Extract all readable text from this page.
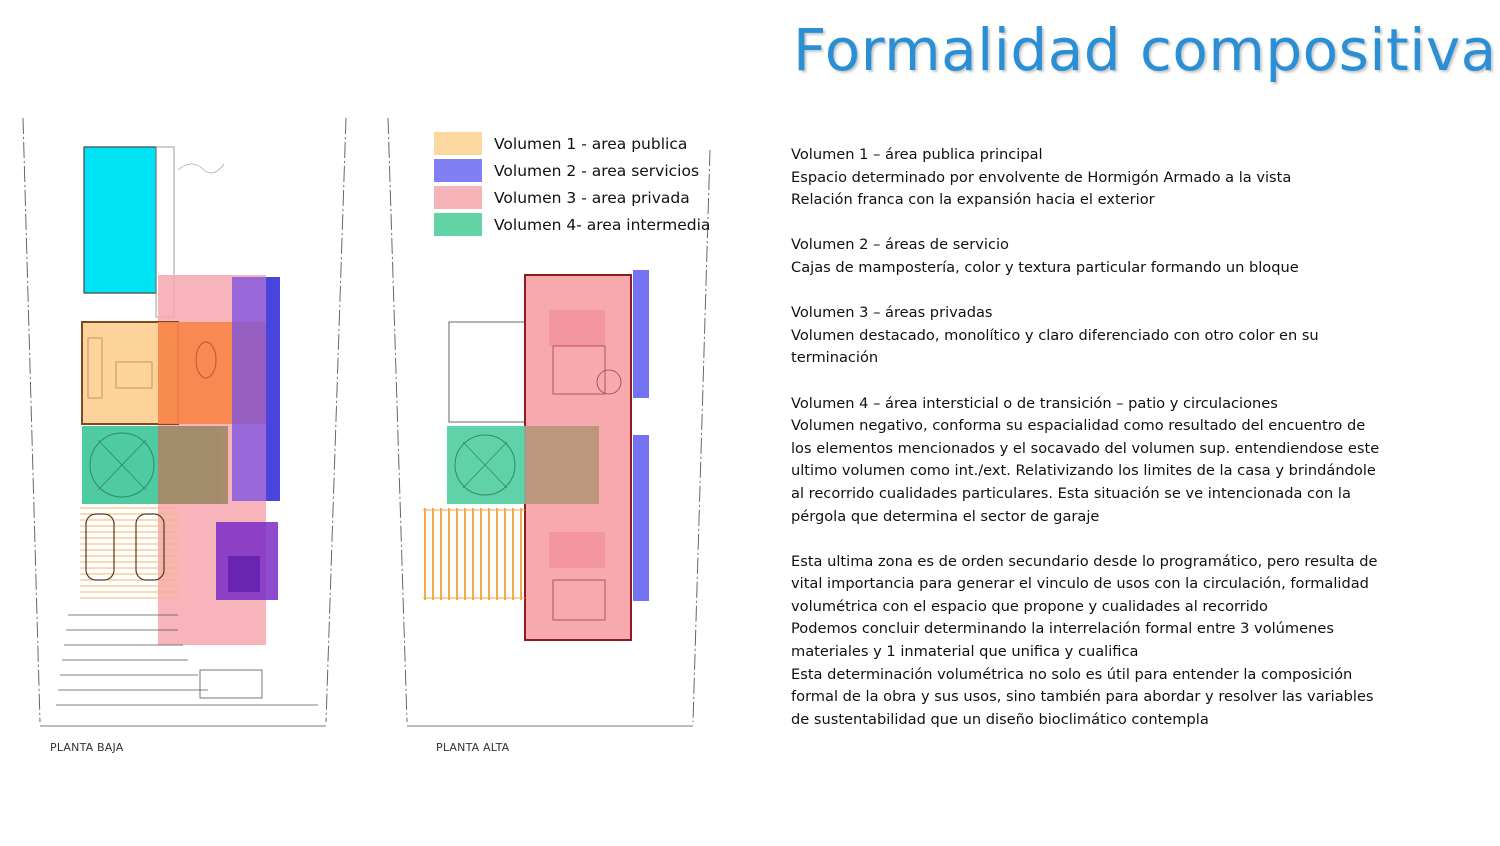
Formalidad compositiva
PLANTA BAJA	PLANTA ALTA
Volumen 1 - area publica
Volumen 2 - area servicios
Volumen 3 - area privada
Volumen 4- area intermedia
Volumen 1 – área publica principal
Espacio determinado por envolvente de Hormigón Armado a la vista
Relación franca con la expansión hacia el exterior
Volumen 2 – áreas de servicio
Cajas de mampostería, color y textura particular formando un bloque
Volumen 3 – áreas privadas
Volumen destacado, monolítico y claro diferenciado con otro color en su
terminación
Volumen 4 – área intersticial o de transición – patio y circulaciones
Volumen negativo, conforma su espacialidad como resultado del encuentro de
los elementos mencionados y el socavado del volumen sup. entendiendose este
ultimo volumen como int./ext. Relativizando los limites de la casa y brindándole
al recorrido cualidades particulares. Esta situación se ve intencionada con la
pérgola que determina el sector de garaje
Esta ultima zona es de orden secundario desde lo programático, pero resulta de
vital importancia para generar el vinculo de usos con la circulación, formalidad
volumétrica con el espacio que propone y cualidades al recorrido
Podemos concluir determinando la interrelación formal entre 3 volúmenes
materiales y 1 inmaterial que unifica y cualifica
Esta determinación volumétrica no solo es útil para entender la composición
formal de la obra y sus usos, sino también para abordar y resolver las variables
de sustentabilidad que un diseño bioclimático contempla
